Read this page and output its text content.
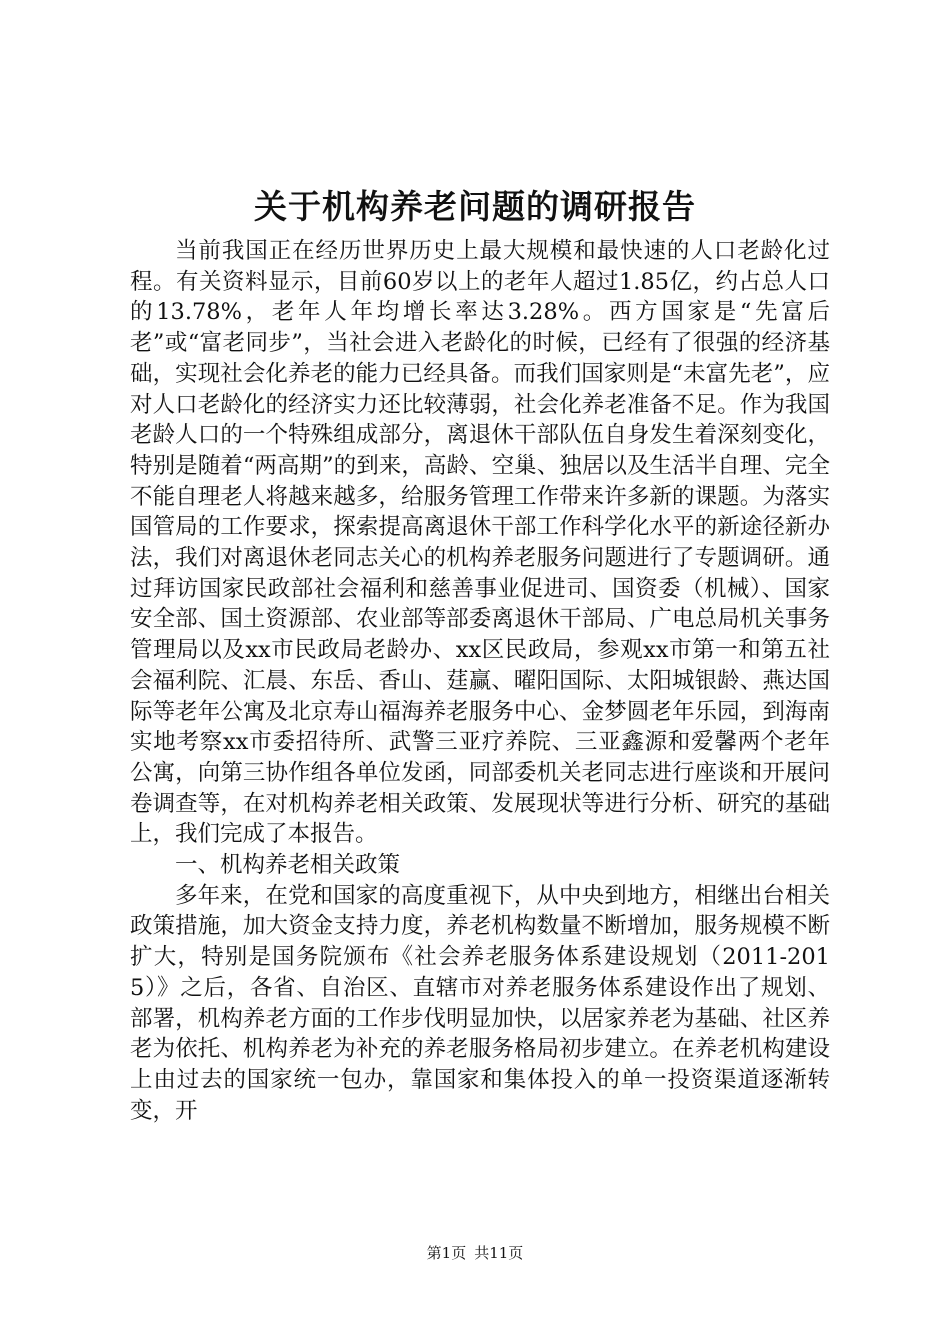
关于机构养老问题的调研报告

当前我国正在经历世界历史上最大规模和最快速的人口老龄化过程。有关资料显示，目前60岁以上的老年人超过1.85亿，约占总人口的13.78%，老年人年均增长率达3.28%。西方国家是“先富后老”或“富老同步”，当社会进入老龄化的时候，已经有了很强的经济基础，实现社会化养老的能力已经具备。而我们国家则是“未富先老”，应对人口老龄化的经济实力还比较薄弱，社会化养老准备不足。作为我国老龄人口的一个特殊组成部分，离退休干部队伍自身发生着深刻变化，特别是随着“两高期”的到来，高龄、空巢、独居以及生活半自理、完全不能自理老人将越来越多，给服务管理工作带来许多新的课题。为落实国管局的工作要求，探索提高离退休干部工作科学化水平的新途径新办法，我们对离退休老同志关心的机构养老服务问题进行了专题调研。通过拜访国家民政部社会福利和慈善事业促进司、国资委（机械）、国家安全部、国土资源部、农业部等部委离退休干部局、广电总局机关事务管理局以及xx市民政局老龄办、xx区民政局，参观xx市第一和第五社会福利院、汇晨、东岳、香山、莛赢、曜阳国际、太阳城银龄、燕达国际等老年公寓及北京寿山福海养老服务中心、金梦圆老年乐园，到海南实地考察xx市委招待所、武警三亚疗养院、三亚鑫源和爱馨两个老年公寓，向第三协作组各单位发函，同部委机关老同志进行座谈和开展问卷调查等，在对机构养老相关政策、发展现状等进行分析、研究的基础上，我们完成了本报告。

一、机构养老相关政策

多年来，在党和国家的高度重视下，从中央到地方，相继出台相关政策措施，加大资金支持力度，养老机构数量不断增加，服务规模不断扩大，特别是国务院颁布《社会养老服务体系建设规划（2011-2015）》之后，各省、自治区、直辖市对养老服务体系建设作出了规划、部署，机构养老方面的工作步伐明显加快，以居家养老为基础、社区养老为依托、机构养老为补充的养老服务格局初步建立。在养老机构建设上由过去的国家统一包办，靠国家和集体投入的单一投资渠道逐渐转变，开

第1页 共11页
